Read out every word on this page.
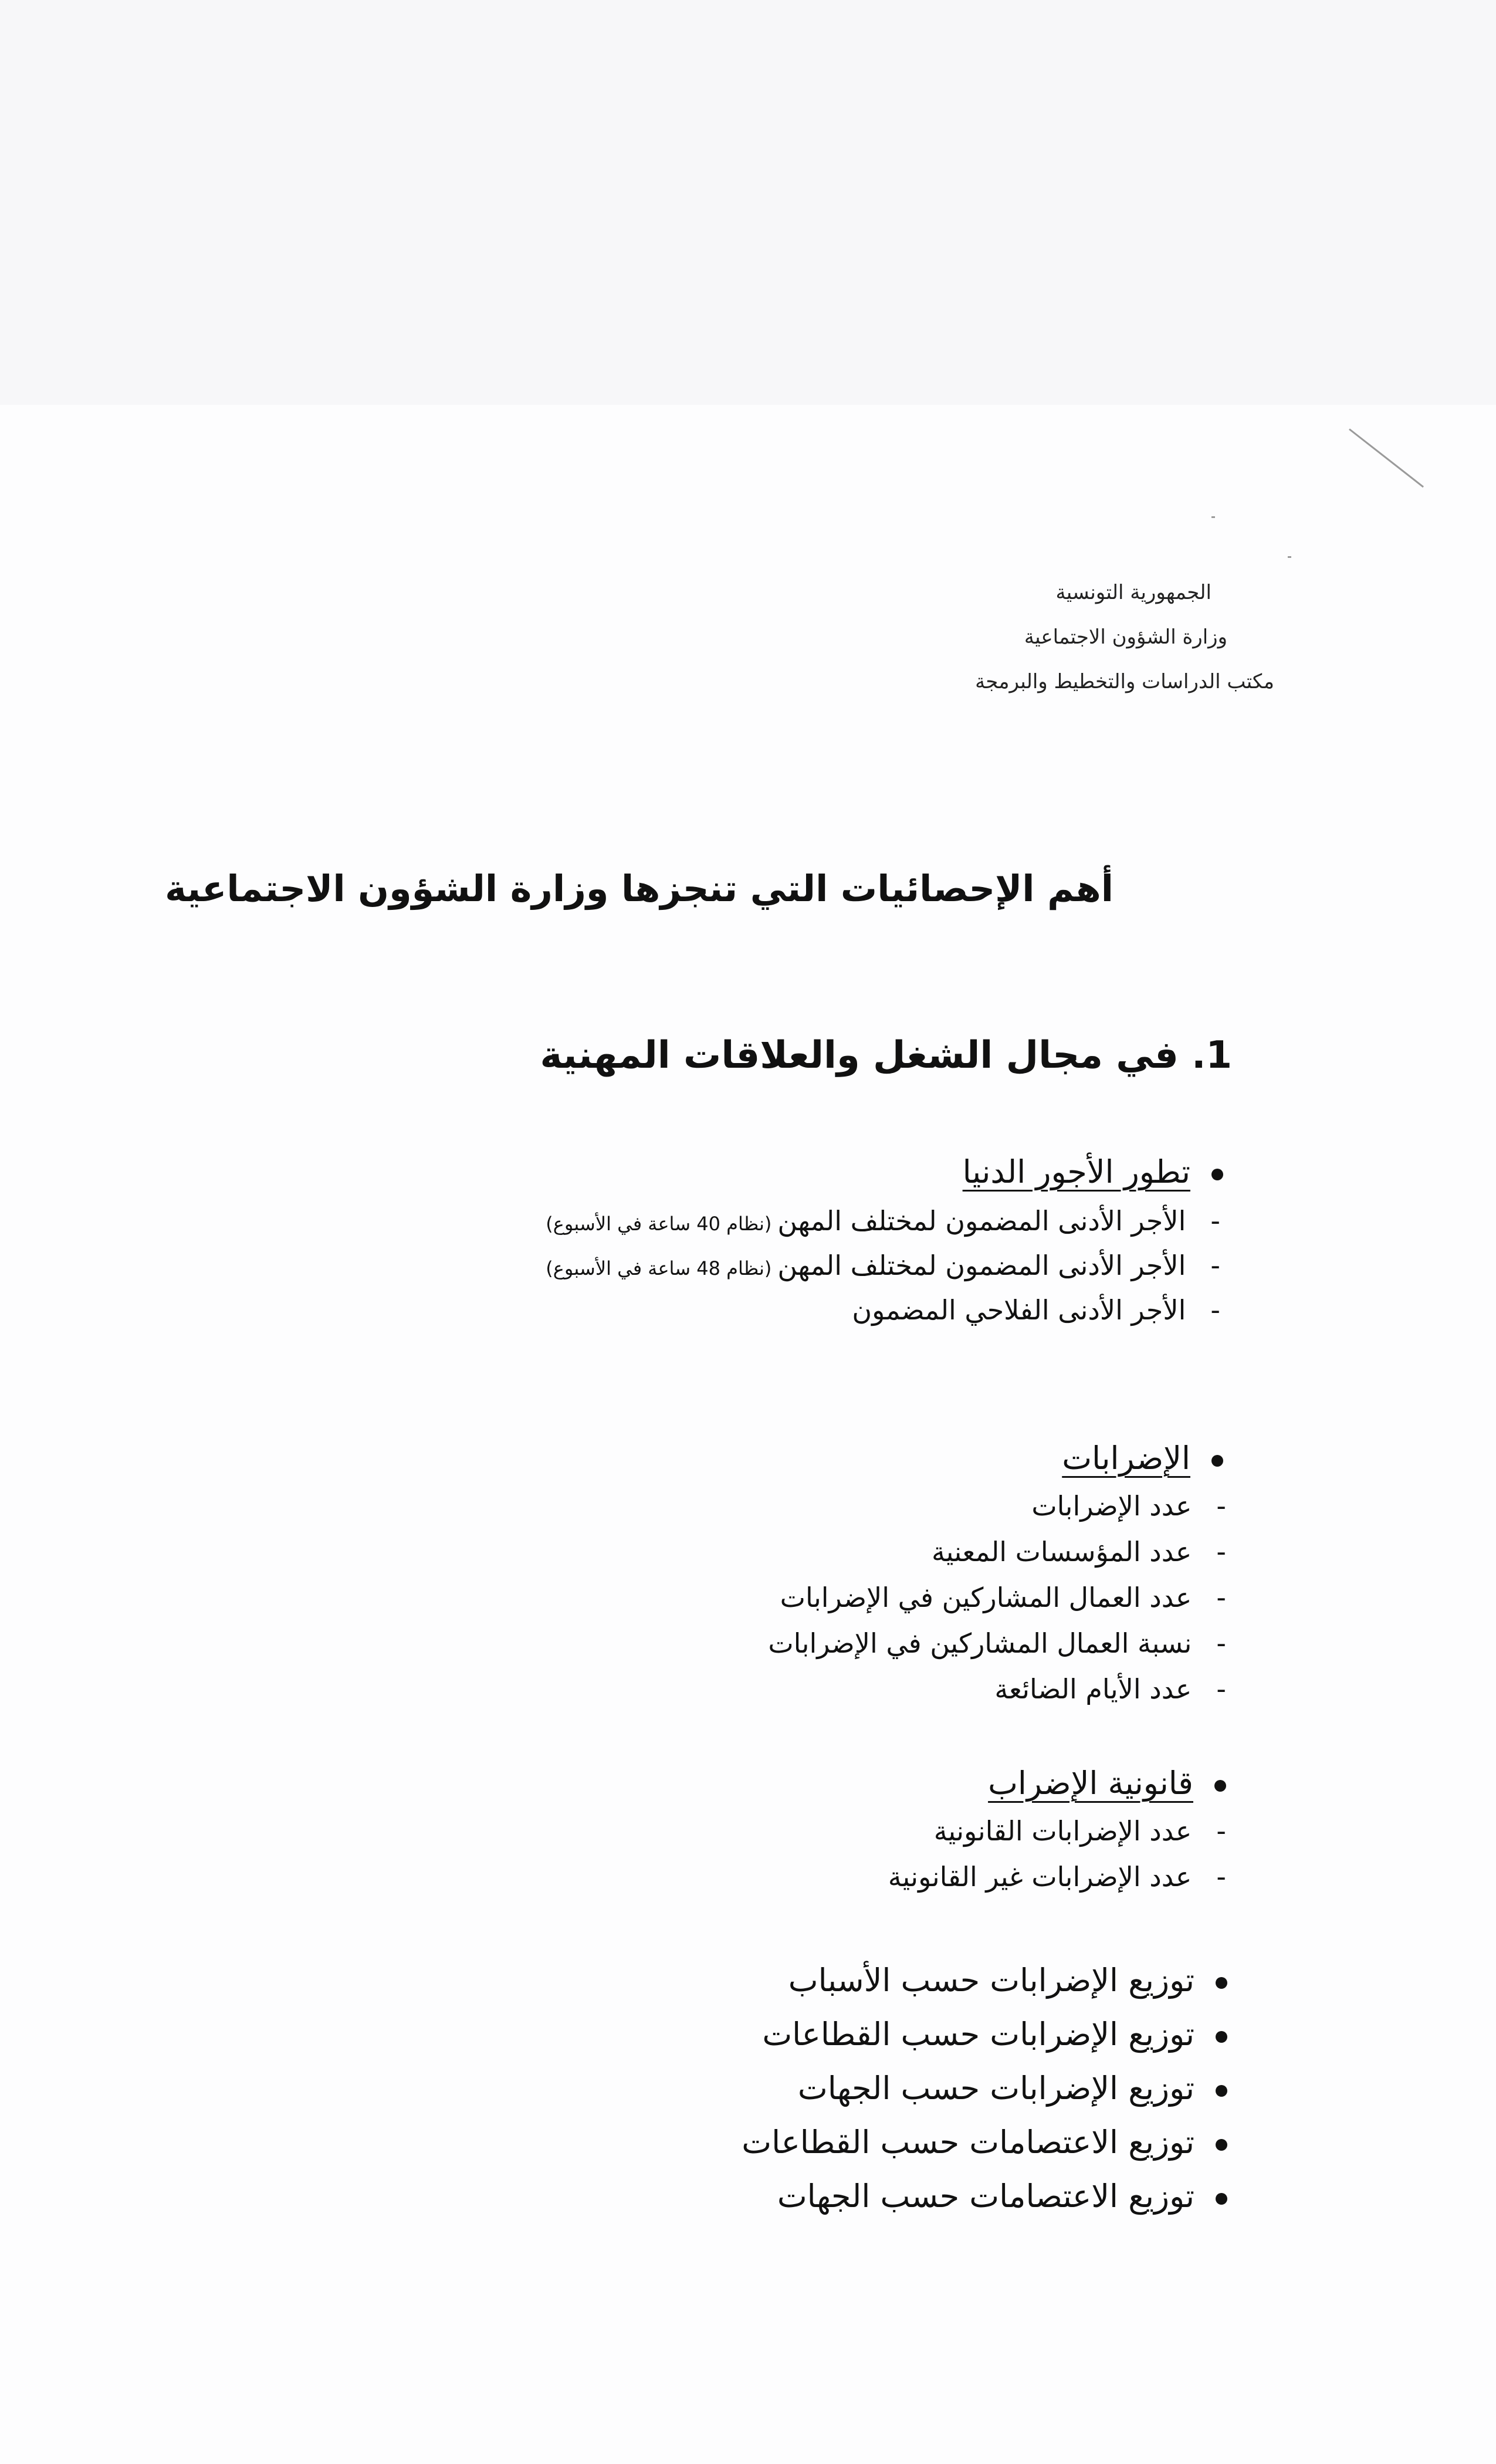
الجمهورية التونسية
وزارة الشؤون الاجتماعية
مكتب الدراسات والتخطيط والبرمجة
أهم الإحصائيات التي تنجزها وزارة الشؤون الاجتماعية
1. في مجال الشغل والعلاقات المهنية
تطور الأجور الدنيا
-الأجر الأدنى المضمون لمختلف المهن(نظام 40 ساعة في الأسبوع)
-الأجر الأدنى المضمون لمختلف المهن(نظام 48 ساعة في الأسبوع)
-الأجر الأدنى الفلاحي المضمون
الإضرابات
-عدد الإضرابات
-عدد المؤسسات المعنية
-عدد العمال المشاركين في الإضرابات
-نسبة العمال المشاركين في الإضرابات
-عدد الأيام الضائعة
قانونية الإضراب
-عدد الإضرابات القانونية
-عدد الإضرابات غير القانونية
توزيع الإضرابات حسب الأسباب
توزيع الإضرابات حسب القطاعات
توزيع الإضرابات حسب الجهات
توزيع الاعتصامات حسب القطاعات
توزيع الاعتصامات حسب الجهات
